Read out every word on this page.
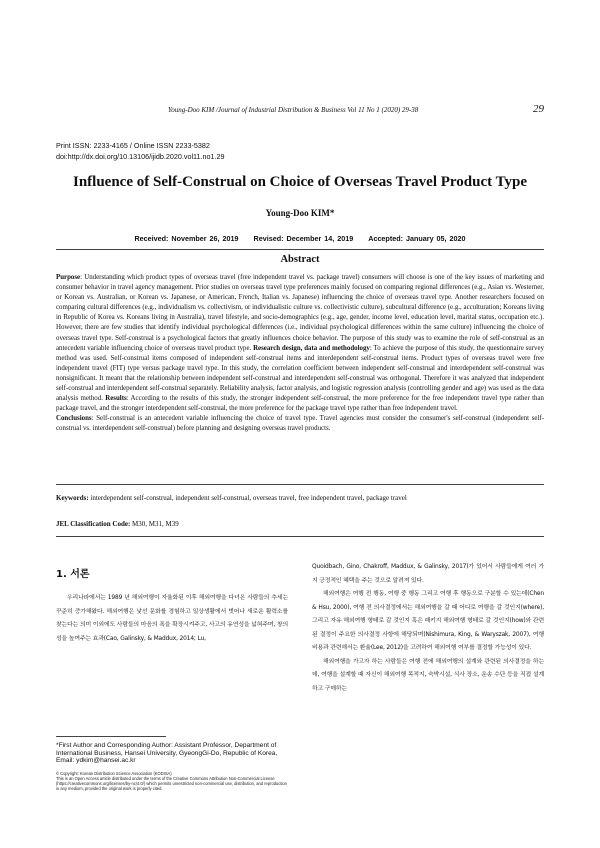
Young-Doo KIM /Journal of Industrial Distribution & Business Vol 11 No 1 (2020) 29-38	29
Print ISSN: 2233-4165 / Online ISSN 2233-5382
doi:http://dx.doi.org/10.13106/ijidb.2020.vol11.no1.29
Influence of Self-Construal on Choice of Overseas Travel Product Type
Young-Doo KIM*
Received: November 26, 2019 Revised: December 14, 2019 Accepted: January 05, 2020
Abstract

Purpose: Understanding which product types of overseas travel (free independent travel vs. package travel) consumers will choose is one of the key issues of marketing and consumer behavior in travel agency management. Prior studies on overseas travel type preferences mainly focused on comparing regional differences (e.g., Asian vs. Westerner, or Korean vs. Australian, or Korean vs. Japanese, or American, French, Italian vs. Japanese) influencing the choice of overseas travel type. Another researchers focused on comparing cultural differences (e.g., individualism vs. collectivism, or individualistic culture vs. collectivistic culture), subcultural difference (e.g., acculturation; Koreans living in Republic of Korea vs. Koreans living in Australia), travel lifestyle, and socio-demographics (e.g., age, gender, income level, education level, marital status, occupation etc.). However, there are few studies that identify individual psychological differences (i.e., individual psychological differences within the same culture) influencing the choice of overseas travel type. Self-construal is a psychological factors that greatly influences choice behavior. The purpose of this study was to examine the role of self-construal as an antecedent variable influencing choice of overseas travel product type. Research design, data and methodology: To achieve the purpose of this study, the questionnaire survey method was used. Self-construal items composed of independent self-construal items and interdependent self-construal items. Product types of overseas travel were free independent travel (FIT) type versus package travel type. In this study, the correlation coefficient between independent self-construal and interdependent self-construal was nonsignificant. It meant that the relationship between independent self-construal and interdependent self-construal was orthogonal. Therefore it was analyzed that independent self-construal and interdependent self-construal separately. Reliability analysis, factor analysis, and logistic regression analysis (controlling gender and age) was used as the data analysis method. Results: According to the results of this study, the stronger independent self-construal, the more preference for the free independent travel type rather than package travel, and the stronger interdependent self-construal, the more preference for the package travel type rather than free independent travel.
Conclusions: Self-construal is an antecedent variable influencing the choice of travel type. Travel agencies must consider the consumer's self-construal (independent self-construal vs. interdependent self-construal) before planning and designing overseas travel products.

Keywords: interdependent self-construal, independent self-construal, overseas travel, free independent travel, package travel

JEL Classification Code: M30, M31, M39

1. 서론

우리나라에서는 1989 년 해외여행이 자율화된 이후 해외여행을 다녀온 사람들의 추세는 꾸준히 증가해왔다. 해외여행은 낯선 문화를 경험하고 일상생활에서 벗어나 새로운 활력소를 찾는다는 의미 이외에도 사람들의 마음의 폭을 확장시켜주고, 사고의 유연성을 넓혀주며, 창의성을 높여주는 효과(Cao, Galinsky, & Maddux, 2014; Lu,

Quoidbach, Gino, Chakroff, Maddux, & Galinsky, 2017)가 있어서 사람들에게 여러 가지 긍정적인 혜택을 주는 것으로 알려져 있다.

해외여행은 여행 전 행동, 여행 중 행동 그리고 여행 후 행동으로 구분할 수 있는데(Chen & Hsu, 2000), 여행 전 의사결정에서는 해외여행을 갈 때 어디로 여행을 갈 것인지(where), 그리고 자유 해외여행 형태로 갈 것인지 혹은 패키지 해외여행 형태로 갈 것인지(how)와 관련된 결정이 주요한 의사결정 사항에 해당되며(Nishimura, King, & Waryszak, 2007), 여행 비용과 관련해서는 환율(Lee, 2012)을 고려하여 해외여행 여부를 결정할 가능성이 있다.

해외여행을 가고자 하는 사람들은 여행 전에 해외여행의 설계와 관련된 의사결정을 하는데, 여행을 설계할 때 자신이 해외여행 목적지, 숙박시설, 식사 장소, 운송 수단 등을 직접 설계하고 구매하는

*First Author and Corresponding Author: Assistant Professor, Department of International Business, Hansei University, GyeongGi-Do, Republic of Korea, Email: ydkim@hansei.ac.kr
© Copyright: Korean Distribution Science Association (KODISA)
This is an Open Access article distributed under the terms of the Creative Commons Attribution Non-Commercial License (https://creativecommons.org/licenses/by-nc/4.0/) which permits unrestricted non-commercial use, distribution, and reproduction in any medium, provided the original work is properly cited.
